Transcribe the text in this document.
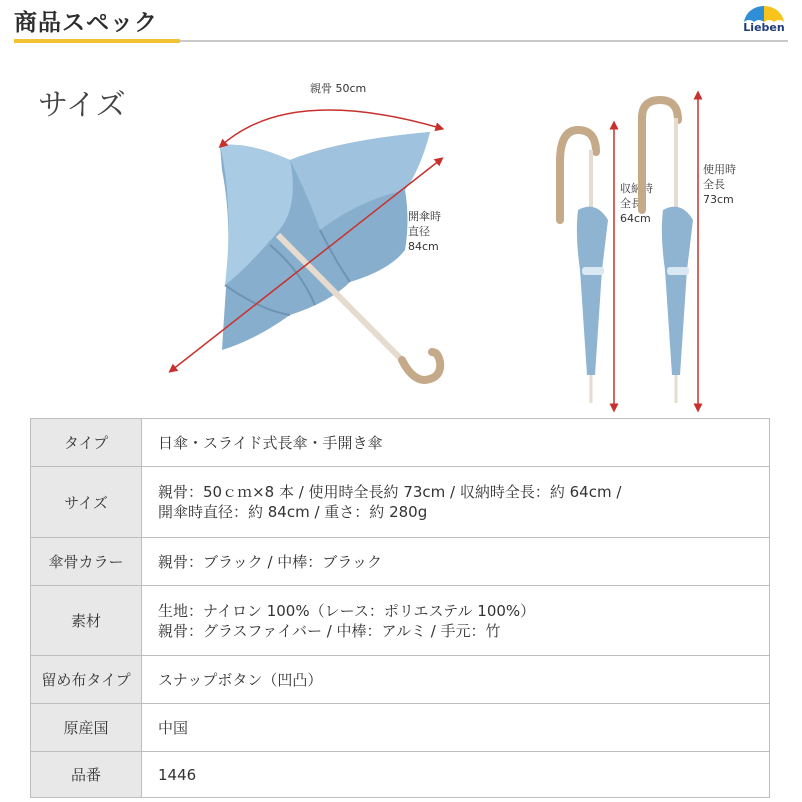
商品スペック	Lieben
サイズ	親骨 50cm
開傘時
直径
84cm
収納時
全長
64cm
使用時
全長
73cm
タイプ	日傘・スライド式長傘・手開き傘

サイズ	親骨：50ｃｍ×8 本 / 使用時全長約 73cm / 収納時全長：約 64cm /
開傘時直径：約 84cm / 重さ：約 280g

傘骨カラー	親骨：ブラック / 中棒：ブラック

素材	生地：ナイロン 100%（レース：ポリエステル 100%）
親骨：グラスファイバー / 中棒：アルミ / 手元：竹

留め布タイプ	スナップボタン（凹凸）

原産国	中国

品番	1446
